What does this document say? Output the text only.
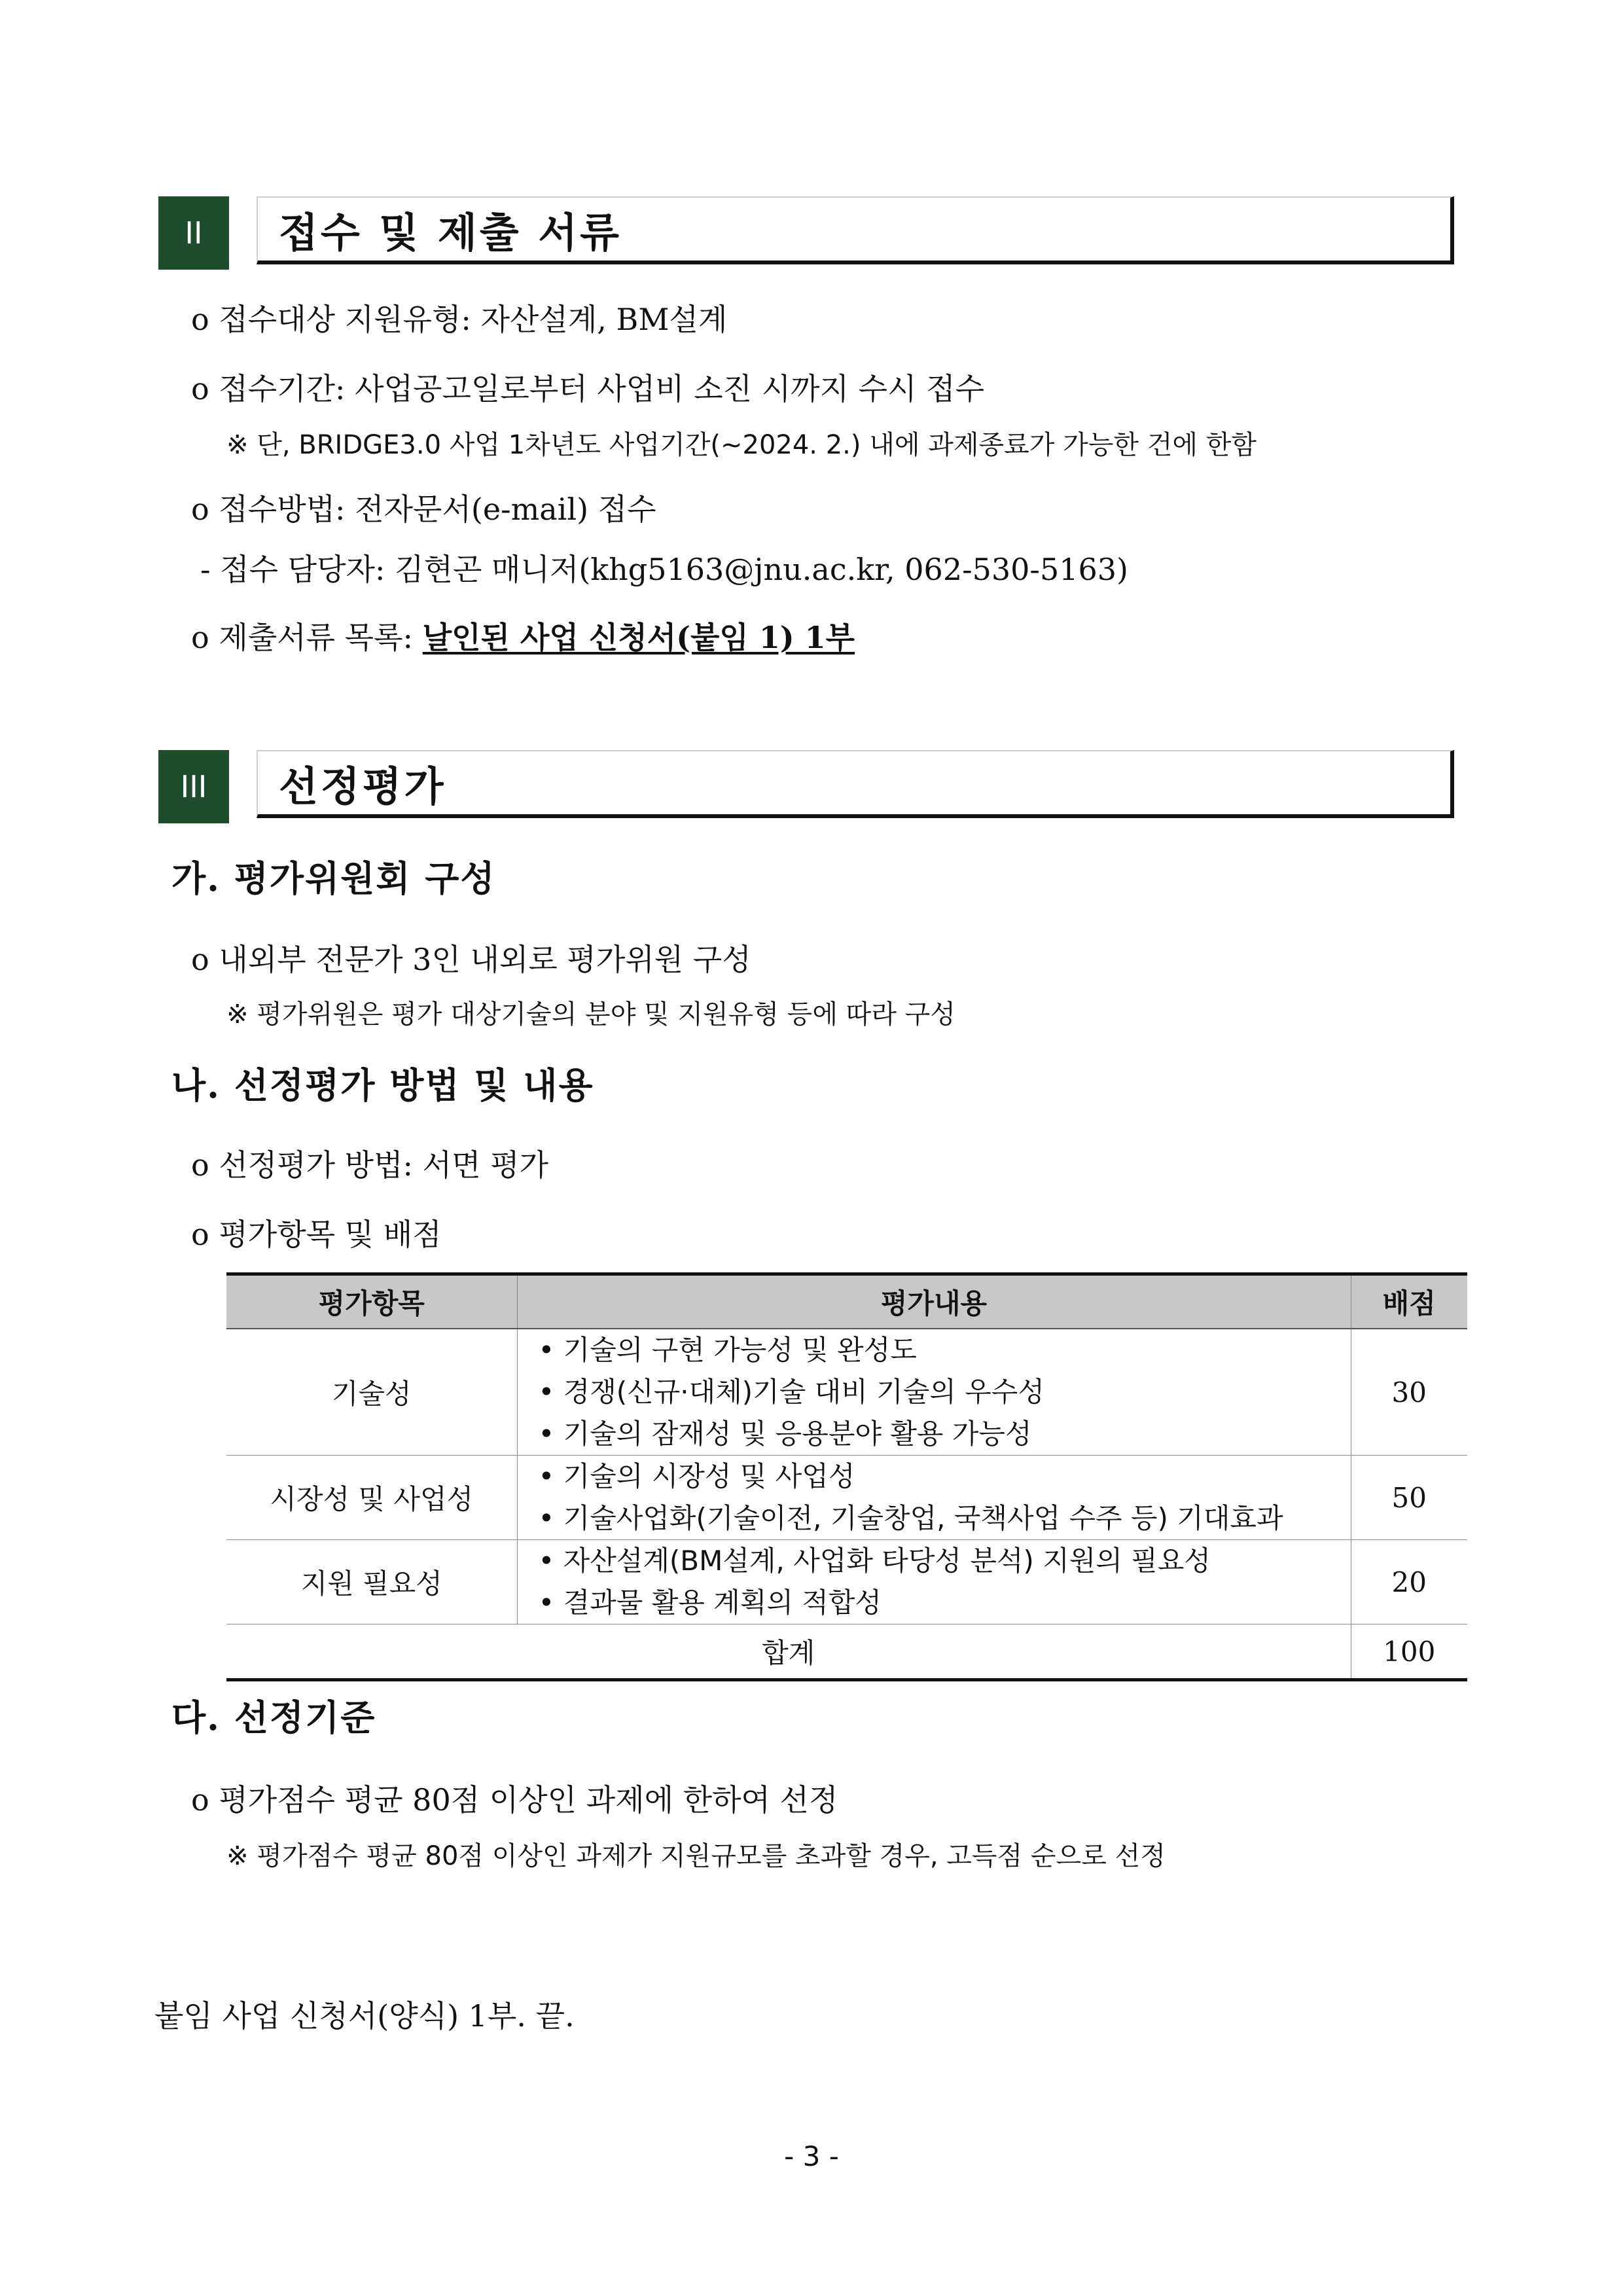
II	접수 및 제출 서류
o 접수대상 지원유형: 자산설계, BM설계
o 접수기간: 사업공고일로부터 사업비 소진 시까지 수시 접수
※ 단, BRIDGE3.0 사업 1차년도 사업기간(~2024. 2.) 내에 과제종료가 가능한 건에 한함
o 접수방법: 전자문서(e-mail) 접수
- 접수 담당자: 김현곤 매니저(khg5163@jnu.ac.kr, 062-530-5163)
o 제출서류 목록: 날인된 사업 신청서(붙임 1) 1부
III	선정평가
가. 평가위원회 구성
o 내외부 전문가 3인 내외로 평가위원 구성
※ 평가위원은 평가 대상기술의 분야 및 지원유형 등에 따라 구성
나. 선정평가 방법 및 내용
o 선정평가 방법: 서면 평가
o 평가항목 및 배점
평가항목	평가내용	배점
기술성	• 기술의 구현 가능성 및 완성도
• 경쟁(신규·대체)기술 대비 기술의 우수성
• 기술의 잠재성 및 응용분야 활용 가능성	30
시장성 및 사업성	• 기술의 시장성 및 사업성
• 기술사업화(기술이전, 기술창업, 국책사업 수주 등) 기대효과	50
지원 필요성	• 자산설계(BM설계, 사업화 타당성 분석) 지원의 필요성
• 결과물 활용 계획의 적합성	20
합계		100
다. 선정기준
o 평가점수 평균 80점 이상인 과제에 한하여 선정
※ 평가점수 평균 80점 이상인 과제가 지원규모를 초과할 경우, 고득점 순으로 선정
붙임 사업 신청서(양식) 1부. 끝.
- 3 -
